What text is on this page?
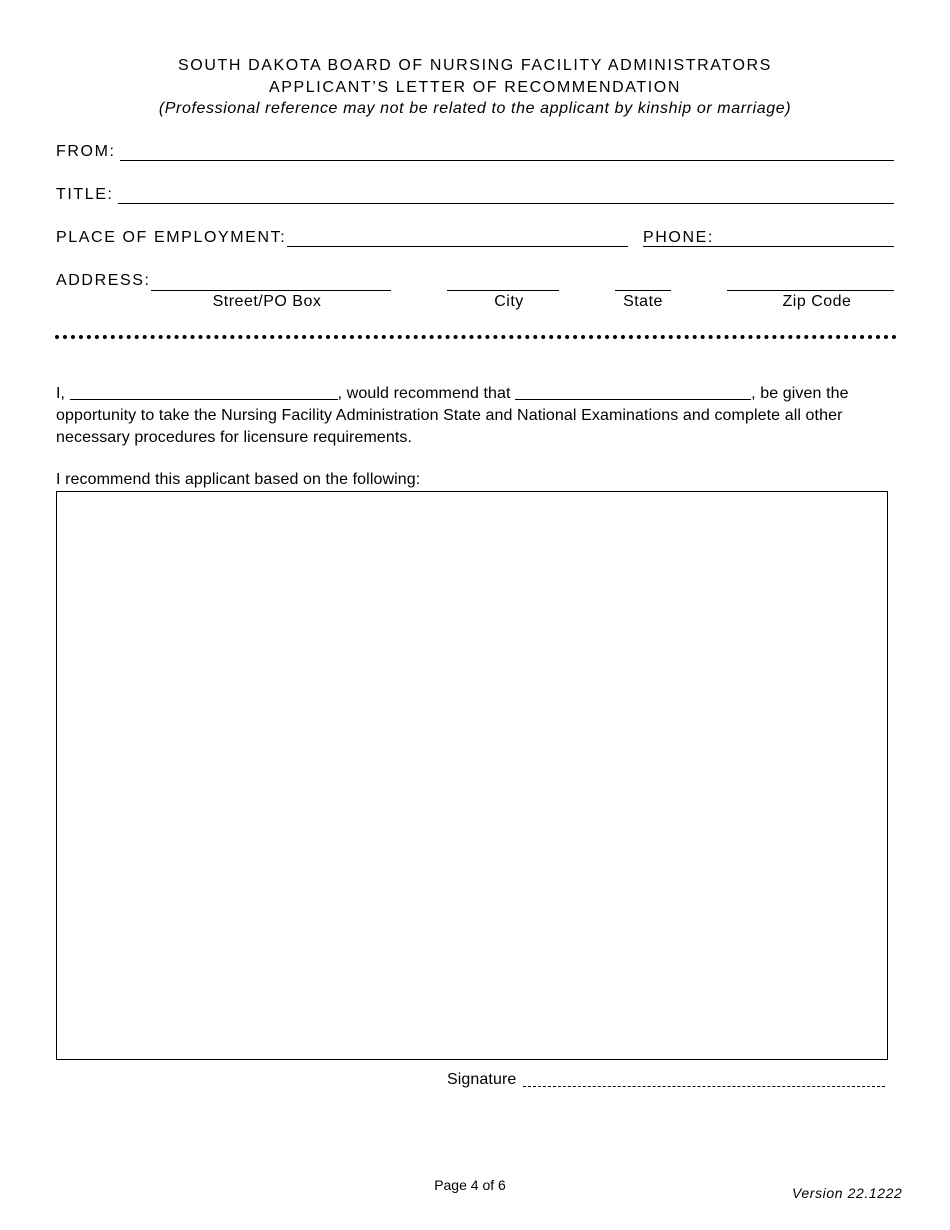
SOUTH DAKOTA BOARD OF NURSING FACILITY ADMINISTRATORS
APPLICANT’S LETTER OF RECOMMENDATION
(Professional reference may not be related to the applicant by kinship or marriage)
FROM:
TITLE:
PLACE OF EMPLOYMENT:	PHONE:
ADDRESS:
Street/PO Box	City	State	Zip Code
I,	, would recommend that	, be given the
opportunity to take the Nursing Facility Administration State and National Examinations and complete all other
necessary procedures for licensure requirements.
I recommend this applicant based on the following:
Signature
Page 4 of 6	Version 22.1222
